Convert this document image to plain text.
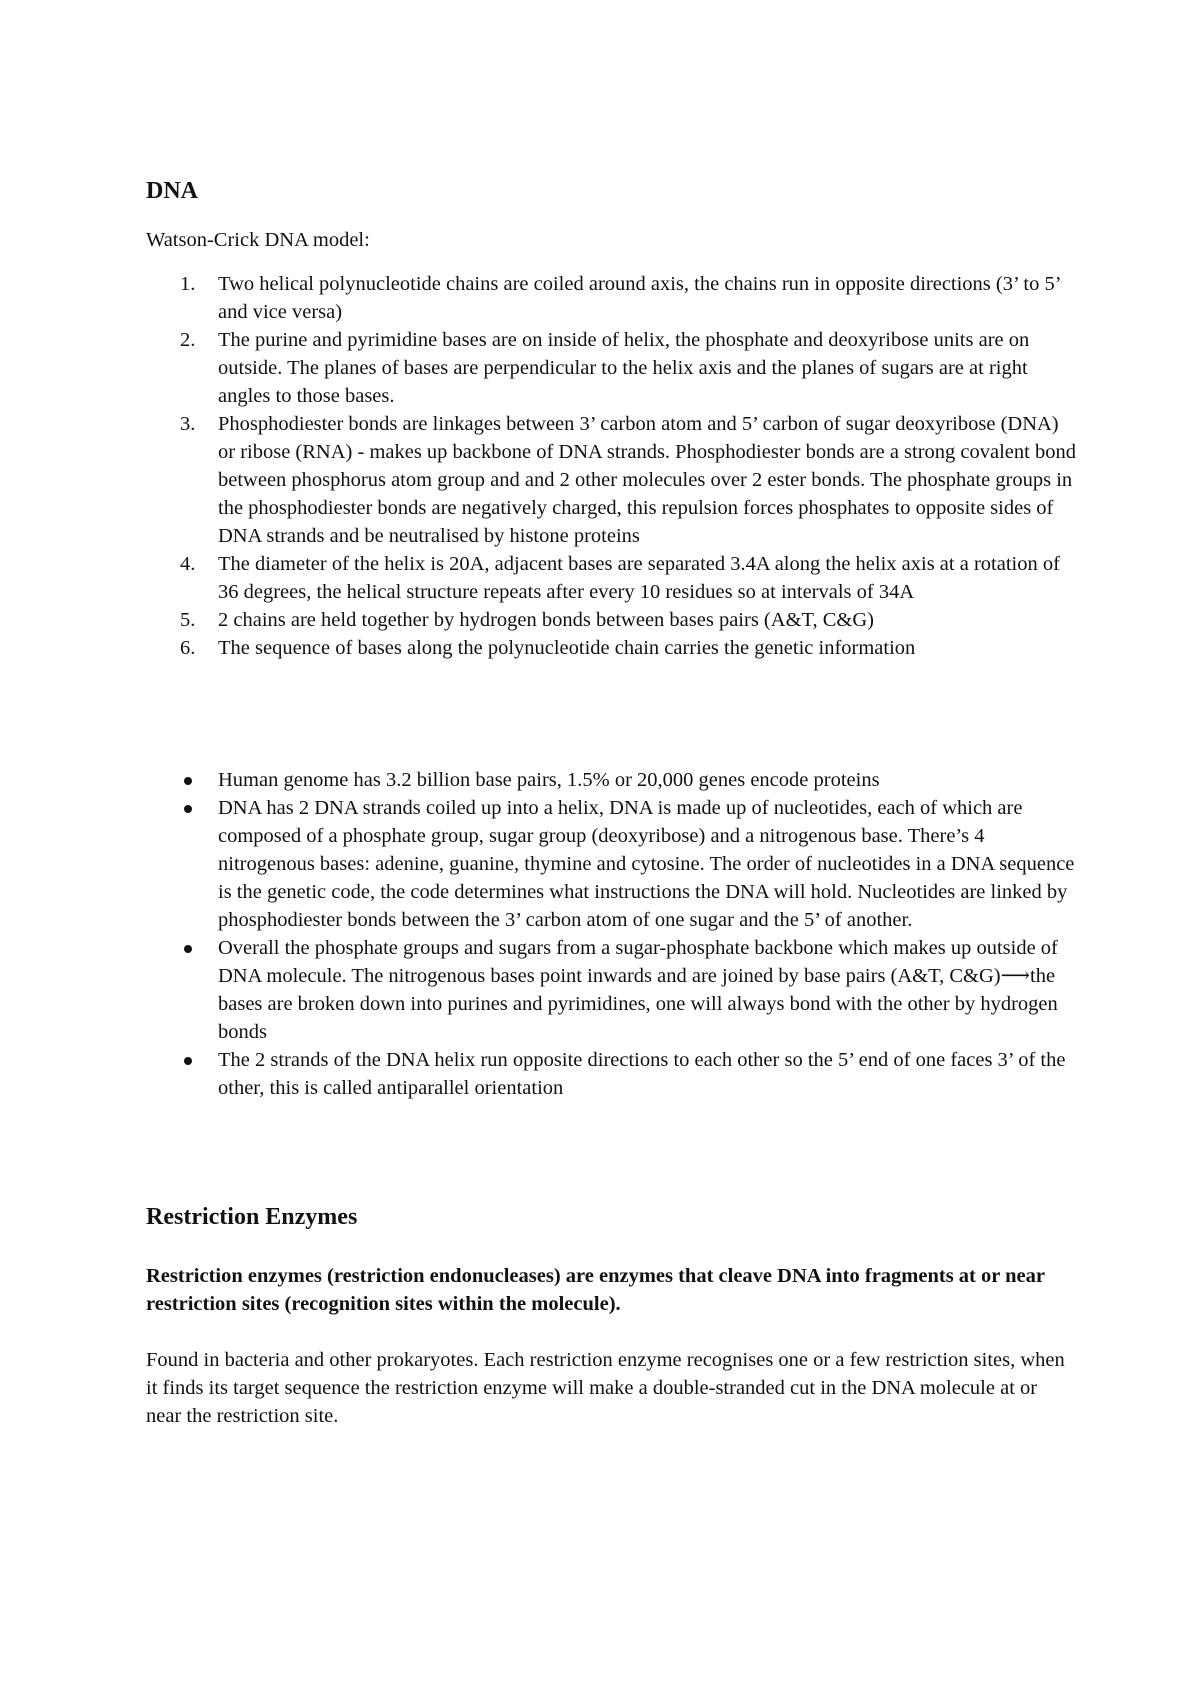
DNA

Watson-Crick DNA model:

1. Two helical polynucleotide chains are coiled around axis, the chains run in opposite directions (3’ to 5’ and vice versa)
2. The purine and pyrimidine bases are on inside of helix, the phosphate and deoxyribose units are on outside. The planes of bases are perpendicular to the helix axis and the planes of sugars are at right angles to those bases.
3. Phosphodiester bonds are linkages between 3’ carbon atom and 5’ carbon of sugar deoxyribose (DNA) or ribose (RNA) - makes up backbone of DNA strands. Phosphodiester bonds are a strong covalent bond between phosphorus atom group and and 2 other molecules over 2 ester bonds. The phosphate groups in the phosphodiester bonds are negatively charged, this repulsion forces phosphates to opposite sides of DNA strands and be neutralised by histone proteins
4. The diameter of the helix is 20A, adjacent bases are separated 3.4A along the helix axis at a rotation of 36 degrees, the helical structure repeats after every 10 residues so at intervals of 34A
5. 2 chains are held together by hydrogen bonds between bases pairs (A&T, C&G)
6. The sequence of bases along the polynucleotide chain carries the genetic information
Human genome has 3.2 billion base pairs, 1.5% or 20,000 genes encode proteins
DNA has 2 DNA strands coiled up into a helix, DNA is made up of nucleotides, each of which are composed of a phosphate group, sugar group (deoxyribose) and a nitrogenous base. There’s 4 nitrogenous bases: adenine, guanine, thymine and cytosine. The order of nucleotides in a DNA sequence is the genetic code, the code determines what instructions the DNA will hold. Nucleotides are linked by phosphodiester bonds between the 3’ carbon atom of one sugar and the 5’ of another.
Overall the phosphate groups and sugars from a sugar-phosphate backbone which makes up outside of DNA molecule. The nitrogenous bases point inwards and are joined by base pairs (A&T, C&G)⟶the bases are broken down into purines and pyrimidines, one will always bond with the other by hydrogen bonds
The 2 strands of the DNA helix run opposite directions to each other so the 5’ end of one faces 3’ of the other, this is called antiparallel orientation
Restriction Enzymes

Restriction enzymes (restriction endonucleases) are enzymes that cleave DNA into fragments at or near restriction sites (recognition sites within the molecule).

Found in bacteria and other prokaryotes. Each restriction enzyme recognises one or a few restriction sites, when it finds its target sequence the restriction enzyme will make a double-stranded cut in the DNA molecule at or near the restriction site.
